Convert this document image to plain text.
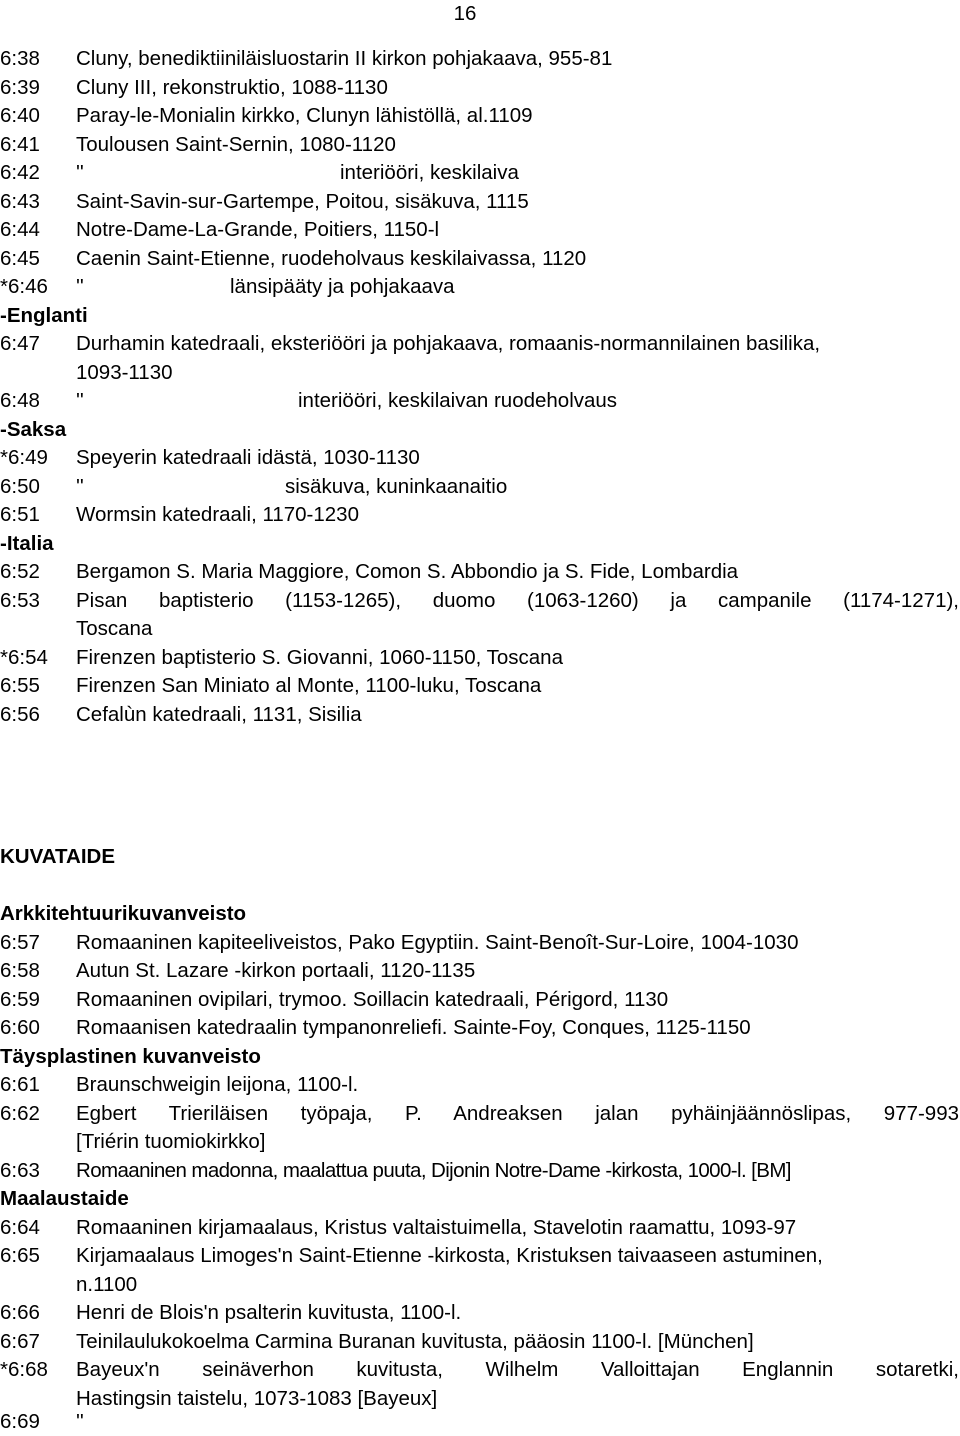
16
6:38 Cluny, benediktiiniläisluostarin II kirkon pohjakaava, 955-81
6:39 Cluny III, rekonstruktio, 1088-1130
6:40 Paray-le-Monialin kirkko, Clunyn lähistöllä, al.1109
6:41 Toulousen Saint-Sernin, 1080-1120
6:42 ''	interiööri, keskilaiva
6:43 Saint-Savin-sur-Gartempe, Poitou, sisäkuva, 1115
6:44 Notre-Dame-La-Grande, Poitiers, 1150-l
6:45 Caenin Saint-Etienne, ruodeholvaus keskilaivassa, 1120
*6:46 ''	länsipääty ja pohjakaava
-Englanti
6:47 Durhamin katedraali, eksteriööri ja pohjakaava, romaanis-normannilainen basilika,
1093-1130
6:48 ''	interiööri, keskilaivan ruodeholvaus
-Saksa
*6:49 Speyerin katedraali idästä, 1030-1130
6:50 ''	sisäkuva, kuninkaanaitio
6:51 Wormsin katedraali, 1170-1230
-Italia
6:52 Bergamon S. Maria Maggiore, Comon S. Abbondio ja S. Fide, Lombardia
6:53 Pisan baptisterio (1153-1265), duomo (1063-1260) ja campanile (1174-1271),
Toscana
*6:54 Firenzen baptisterio S. Giovanni, 1060-1150, Toscana
6:55 Firenzen San Miniato al Monte, 1100-luku, Toscana
6:56 Cefalùn katedraali, 1131, Sisilia
KUVATAIDE
Arkkitehtuurikuvanveisto
6:57 Romaaninen kapiteeliveistos, Pako Egyptiin. Saint-Benoît-Sur-Loire, 1004-1030
6:58 Autun St. Lazare -kirkon portaali, 1120-1135
6:59 Romaaninen ovipilari, trymoo. Soillacin katedraali, Périgord, 1130
6:60 Romaanisen katedraalin tympanonreliefi. Sainte-Foy, Conques, 1125-1150
Täysplastinen kuvanveisto
6:61 Braunschweigin leijona, 1100-l.
6:62 Egbert Trieriläisen työpaja, P. Andreaksen jalan pyhäinjäännöslipas, 977-993
[Triérin tuomiokirkko]
6:63 Romaaninen madonna, maalattua puuta, Dijonin Notre-Dame -kirkosta, 1000-l. [BM]
Maalaustaide
6:64 Romaaninen kirjamaalaus, Kristus valtaistuimella, Stavelotin raamattu, 1093-97
6:65 Kirjamaalaus Limoges'n Saint-Etienne -kirkosta, Kristuksen taivaaseen astuminen,
n.1100
6:66 Henri de Blois'n psalterin kuvitusta, 1100-l.
6:67 Teinilaulukokoelma Carmina Buranan kuvitusta, pääosin 1100-l. [München]
*6:68 Bayeux'n seinäverhon kuvitusta, Wilhelm Valloittajan Englannin sotaretki,
Hastingsin taistelu, 1073-1083 [Bayeux]
6:69 ''
